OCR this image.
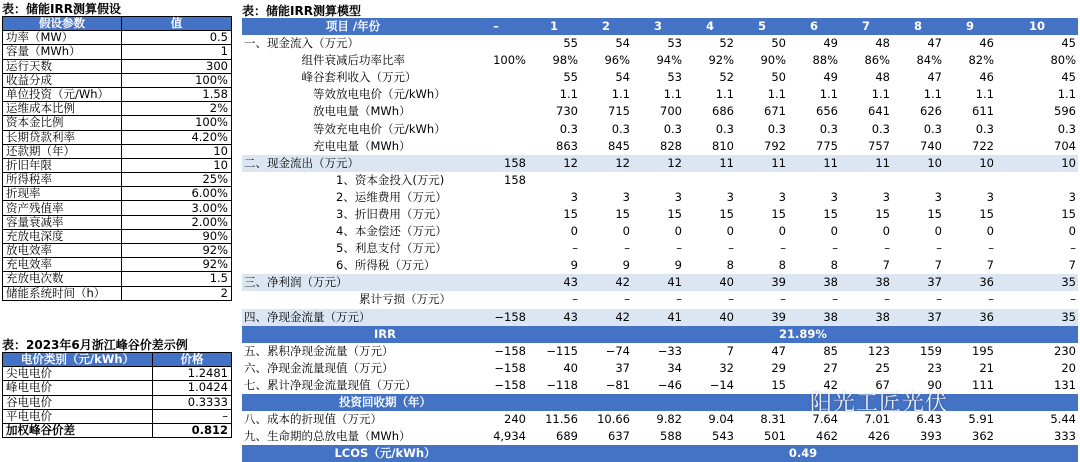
表：储能IRR测算假设
假设参数	值
功率（MW）	0.5
容量（MWh）	1
运行天数	300
收益分成	100%
单位投资（元/Wh）	1.58
运维成本比例	2%
资本金比例	100%
长期贷款利率	4.20%
还款期（年）	10
折旧年限	10
所得税率	25%
折现率	6.00%
资产残值率	3.00%
容量衰减率	2.00%
充放电深度	90%
放电效率	92%
充电效率	92%
充放电次数	1.5
储能系统时间（h）	2
表：2023年6月浙江峰谷价差示例
电价类别（元/kWh）	价格
尖电电价	1.2481
峰电电价	1.0424
谷电电价	0.3333
平电电价	–
加权峰谷价差	0.812
表：储能IRR测算模型
项目 /年份	–	1	2	3	4	5	6	7	8	9	10
一、现金流入（万元）		55	54	53	52	50	49	48	47	46	45
组件衰减后功率比率	100%	98%	96%	94%	92%	90%	88%	86%	84%	82%	80%
峰谷套利收入（万元）		55	54	53	52	50	49	48	47	46	45
等效放电电价（元/kWh）		1.1	1.1	1.1	1.1	1.1	1.1	1.1	1.1	1.1	1.1
放电电量（MWh）		730	715	700	686	671	656	641	626	611	596
等效充电电价（元/kWh）		0.3	0.3	0.3	0.3	0.3	0.3	0.3	0.3	0.3	0.3
充电电量（MWh）		863	845	828	810	792	775	757	740	722	704
二、现金流出（万元）	158	12	12	12	11	11	11	11	10	10	10
1、资本金投入(万元)	158										
2、运维费用（万元）		3	3	3	3	3	3	3	3	3	3
3、折旧费用（万元）		15	15	15	15	15	15	15	15	15	15
4、本金偿还（万元）		0	0	0	0	0	0	0	0	0	0
5、利息支付（万元）		–	–	–	–	–	–	–	–	–	–
6、所得税（万元）		9	9	9	8	8	8	7	7	7	7
三、净利润（万元）		43	42	41	40	39	38	38	37	36	35
累计亏损（万元）		–	–	–	–	–	–	–	–	–	–
四、净现金流量（万元）	−158	43	42	41	40	39	38	38	37	36	35
IRR		21.89%									
五、累积净现金流量（万元）	−158	−115	−74	−33	7	47	85	123	159	195	230
六、净现金流量现值（万元）	−158	40	37	34	32	29	27	25	23	21	20
七、累计净现金流量现值（万元）	−158	−118	−81	−46	−14	15	42	67	90	111	131
投资回收期（年）											
八、成本的折现值（万元）	240	11.56	10.66	9.82	9.04	8.31	7.64	7.01	6.43	5.91	5.44
九、生命期的总放电量（MWh）	4,934	689	637	588	543	501	462	426	393	362	333
LCOS（元/kWh）		0.49									
阳光工匠光伏
